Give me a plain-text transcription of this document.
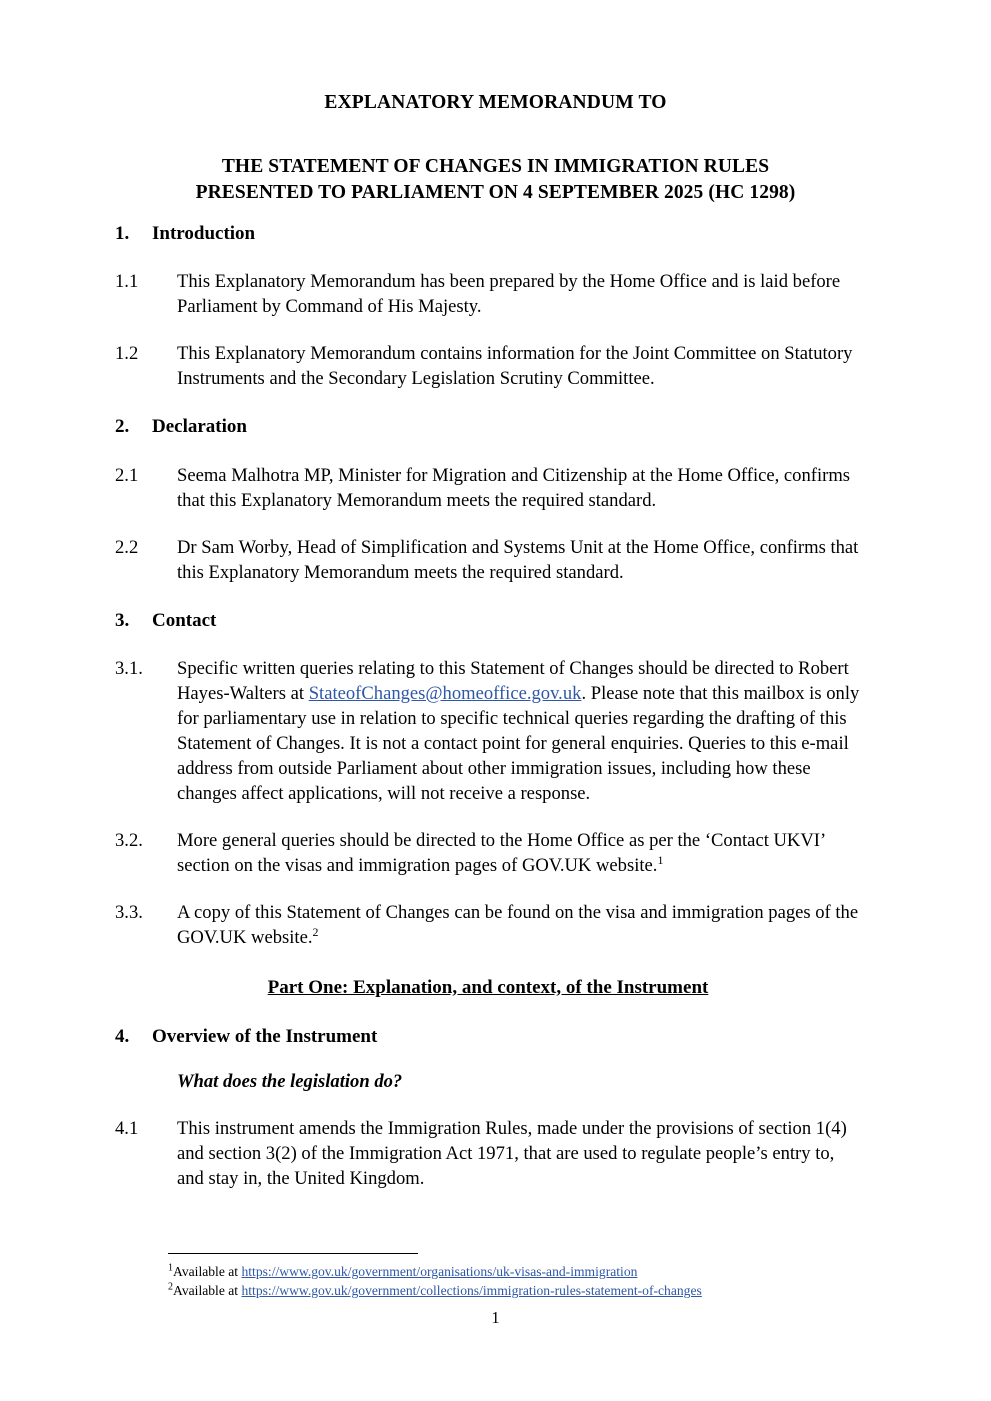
EXPLANATORY MEMORANDUM TO
THE STATEMENT OF CHANGES IN IMMIGRATION RULES
PRESENTED TO PARLIAMENT ON 4 SEPTEMBER 2025 (HC 1298)
1.	Introduction
1.1	This Explanatory Memorandum has been prepared by the Home Office and is laid before Parliament by Command of His Majesty.
1.2	This Explanatory Memorandum contains information for the Joint Committee on Statutory Instruments and the Secondary Legislation Scrutiny Committee.
2.	Declaration
2.1	Seema Malhotra MP, Minister for Migration and Citizenship at the Home Office, confirms that this Explanatory Memorandum meets the required standard.
2.2	Dr Sam Worby, Head of Simplification and Systems Unit at the Home Office, confirms that this Explanatory Memorandum meets the required standard.
3.	Contact
3.1.	Specific written queries relating to this Statement of Changes should be directed to Robert Hayes-Walters at StateofChanges@homeoffice.gov.uk. Please note that this mailbox is only for parliamentary use in relation to specific technical queries regarding the drafting of this Statement of Changes. It is not a contact point for general enquiries. Queries to this e-mail address from outside Parliament about other immigration issues, including how these changes affect applications, will not receive a response.
3.2.	More general queries should be directed to the Home Office as per the ‘Contact UKVI’ section on the visas and immigration pages of GOV.UK website.$^1$
3.3.	A copy of this Statement of Changes can be found on the visa and immigration pages of the GOV.UK website.$^2$
Part One: Explanation, and context, of the Instrument
4.	Overview of the Instrument
What does the legislation do?
4.1	This instrument amends the Immigration Rules, made under the provisions of section 1(4) and section 3(2) of the Immigration Act 1971, that are used to regulate people’s entry to, and stay in, the United Kingdom.
$^1$Available at https://www.gov.uk/government/organisations/uk-visas-and-immigration
$^2$Available at https://www.gov.uk/government/collections/immigration-rules-statement-of-changes
1
